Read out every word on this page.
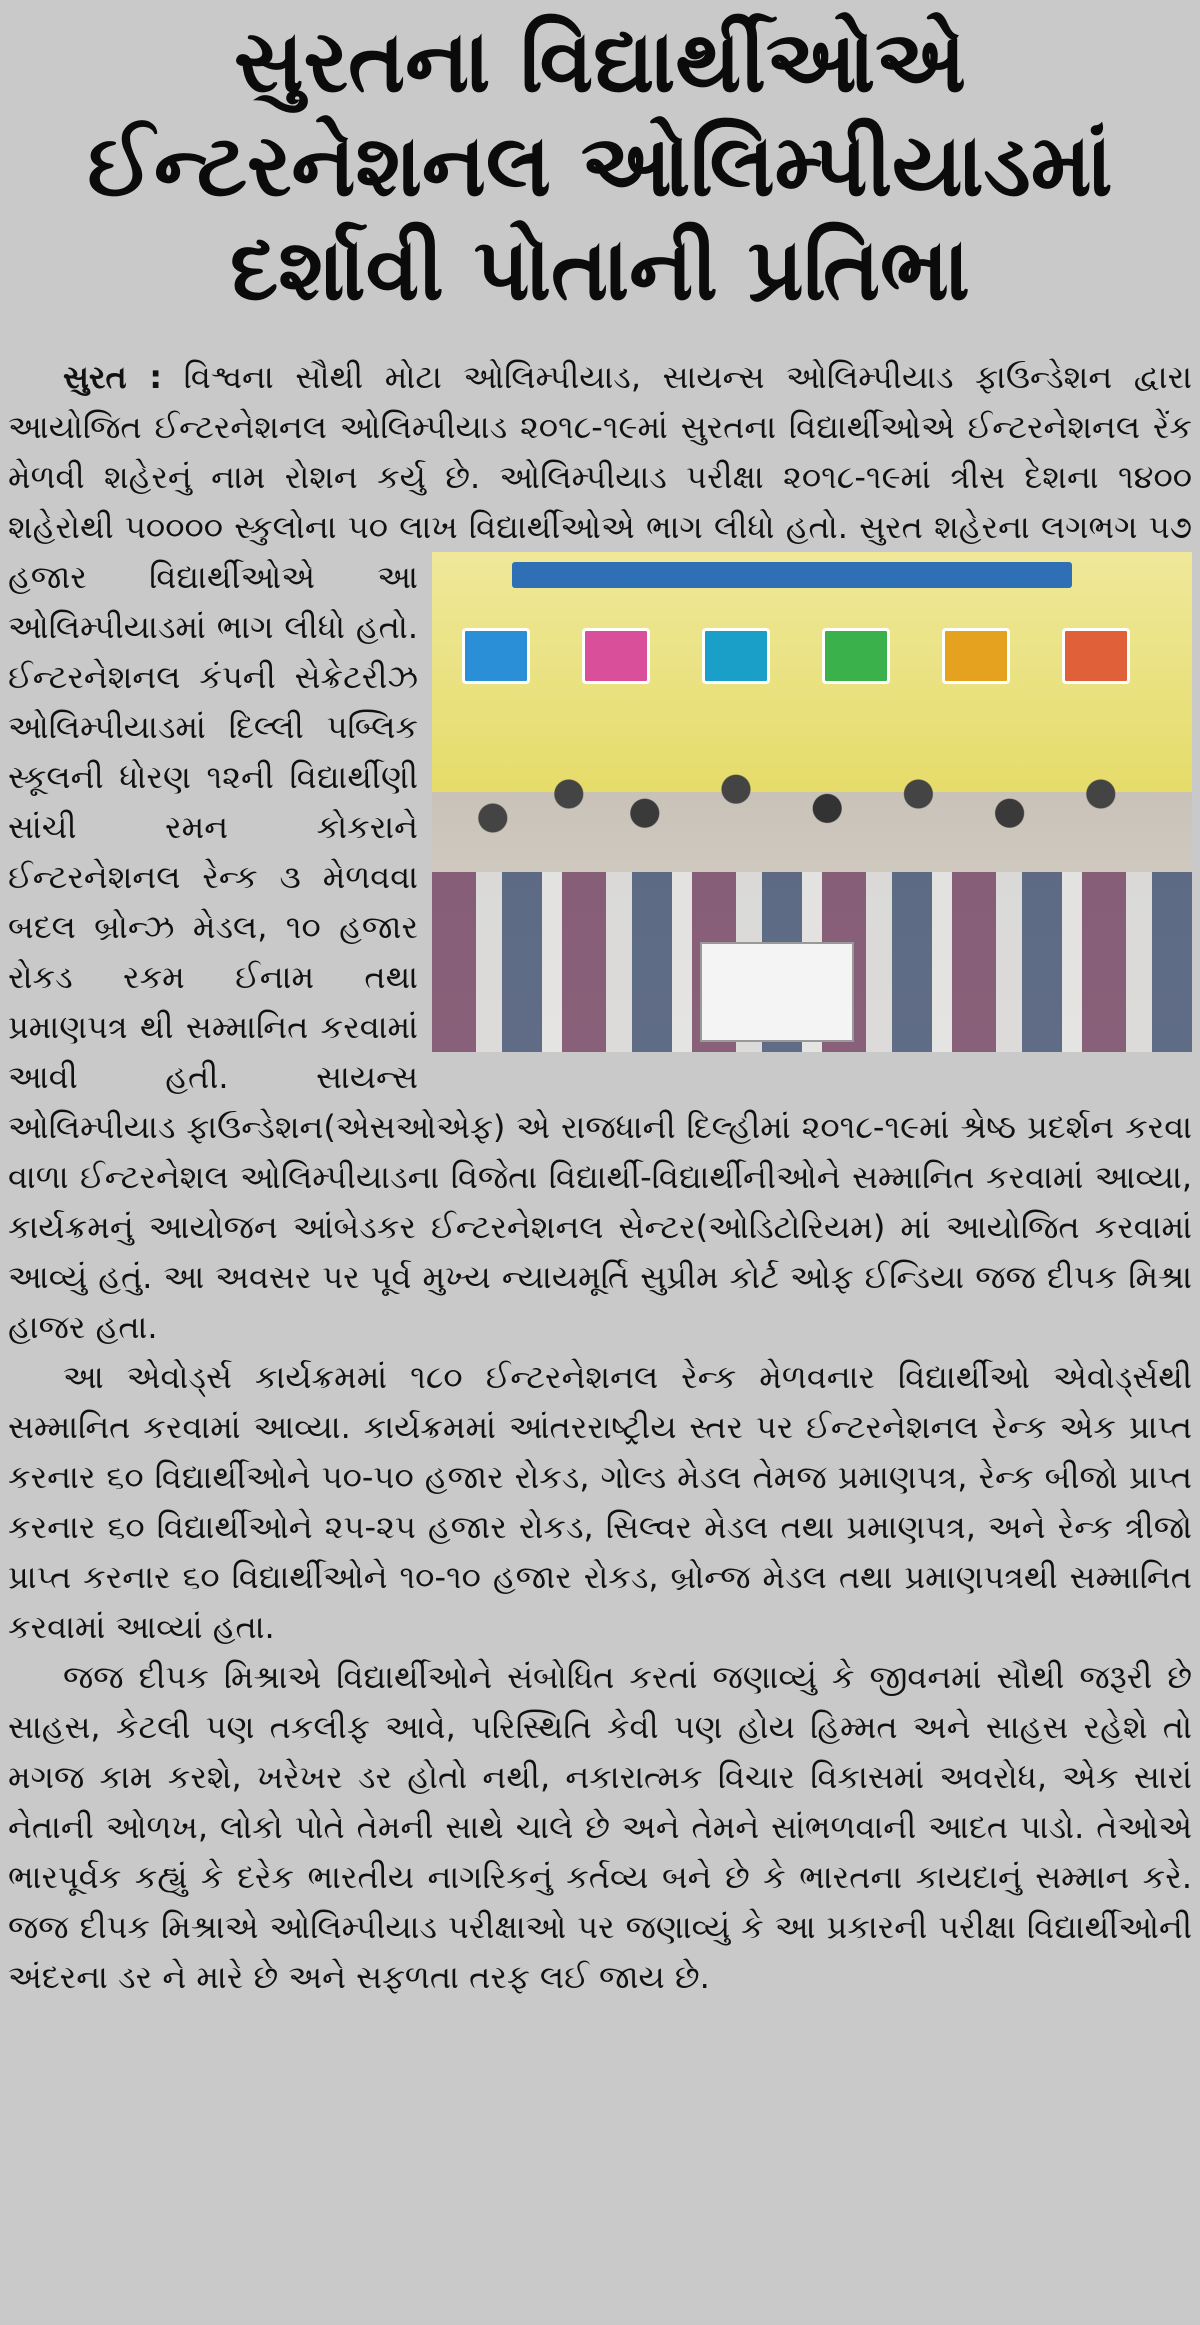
સુરતના વિદ્યાર્થીઓએ
ઈન્ટરનેશનલ ઓલિમ્પીયાડમાં
દર્શાવી પોતાની પ્રતિભા

સુરત : વિશ્વના સૌથી મોટા ઓલિમ્પીયાડ, સાયન્સ ઓલિમ્પીયાડ ફાઉન્ડેશન દ્વારા આયોજિત ઈન્ટરનેશનલ ઓલિમ્પીયાડ ૨૦૧૮-૧૯માં સુરતના વિદ્યાર્થીઓએ ઈન્ટરનેશનલ રેંક મેળવી શહેરનું નામ રોશન કર્યુ છે. ઓલિમ્પીયાડ પરીક્ષા ૨૦૧૮-૧૯માં ત્રીસ દેશના ૧૪૦૦ શહેરોથી ૫૦૦૦૦ સ્કુલોના ૫૦ લાખ વિદ્યાર્થીઓએ ભાગ લીધો હતો. સુરત શહેરના લગભગ ૫૭ હજાર વિદ્યાર્થીઓએ આ ઓલિમ્પીયાડમાં ભાગ લીધો હતો. ઈન્ટરનેશનલ કંપની સેક્રેટરીઝ ઓલિમ્પીયાડમાં દિલ્લી પબ્લિક સ્કૂલની ધોરણ ૧૨ની વિદ્યાર્થીણી સાંચી રમન કોકરાને ઈન્ટરનેશનલ રેન્ક ૩ મેળવવા બદલ બ્રોન્ઝ મેડલ, ૧૦ હજાર રોકડ રકમ ઈનામ તથા પ્રમાણપત્ર થી સમ્માનિત કરવામાં આવી હતી. સાયન્સ ઓલિમ્પીયાડ ફાઉન્ડેશન(એસઓએફ) એ રાજધાની દિલ્હીમાં ૨૦૧૮-૧૯માં શ્રેષ્ઠ પ્રદર્શન કરવા વાળા ઈન્ટરનેશલ ઓલિમ્પીયાડના વિજેતા વિદ્યાર્થી-વિદ્યાર્થીનીઓને સમ્માનિત કરવામાં આવ્યા, કાર્યક્રમનું આયોજન આંબેડકર ઈન્ટરનેશનલ સેન્ટર(ઓડિટોરિયમ) માં આયોજિત કરવામાં આવ્યું હતું. આ અવસર પર પૂર્વ મુખ્ય ન્યાયમૂર્તિ સુપ્રીમ કોર્ટ ઓફ ઈન્ડિયા જજ દીપક મિશ્રા હાજર હતા.

આ એવોર્ડ્સ કાર્યક્રમમાં ૧૮૦ ઈન્ટરનેશનલ રેન્ક મેળવનાર વિદ્યાર્થીઓ એવોર્ડ્સથી સમ્માનિત કરવામાં આવ્યા. કાર્યક્રમમાં આંતરરાષ્ટ્રીય સ્તર પર ઈન્ટરનેશનલ રેન્ક એક પ્રાપ્ત કરનાર ૬૦ વિદ્યાર્થીઓને ૫૦-૫૦ હજાર રોકડ, ગોલ્ડ મેડલ તેમજ પ્રમાણપત્ર, રેન્ક બીજો પ્રાપ્ત કરનાર ૬૦ વિદ્યાર્થીઓને ૨૫-૨૫ હજાર રોકડ, સિલ્વર મેડલ તથા પ્રમાણપત્ર, અને રેન્ક ત્રીજો પ્રાપ્ત કરનાર ૬૦ વિદ્યાર્થીઓને ૧૦-૧૦ હજાર રોકડ, બ્રોન્જ મેડલ તથા પ્રમાણપત્રથી સમ્માનિત કરવામાં આવ્યાં હતા.

જજ દીપક મિશ્રાએ વિદ્યાર્થીઓને સંબોધિત કરતાં જણાવ્યું કે જીવનમાં સૌથી જરૂરી છે સાહસ, કેટલી પણ તકલીફ આવે, પરિસ્થિતિ કેવી પણ હોય હિમ્મત અને સાહસ રહેશે તો મગજ કામ કરશે, ખરેખર ડર હોતો નથી, નકારાત્મક વિચાર વિકાસમાં અવરોધ, એક સારાં નેતાની ઓળખ, લોકો પોતે તેમની સાથે ચાલે છે અને તેમને સાંભળવાની આદત પાડો. તેઓએ ભારપૂર્વક કહ્યું કે દરેક ભારતીય નાગરિકનું કર્તવ્ય બને છે કે ભારતના કાયદાનું સમ્માન કરે. જજ દીપક મિશ્રાએ ઓલિમ્પીયાડ પરીક્ષાઓ પર જણાવ્યું કે આ પ્રકારની પરીક્ષા વિદ્યાર્થીઓની અંદરના ડર ને મારે છે અને સફળતા તરફ લઈ જાય છે.
